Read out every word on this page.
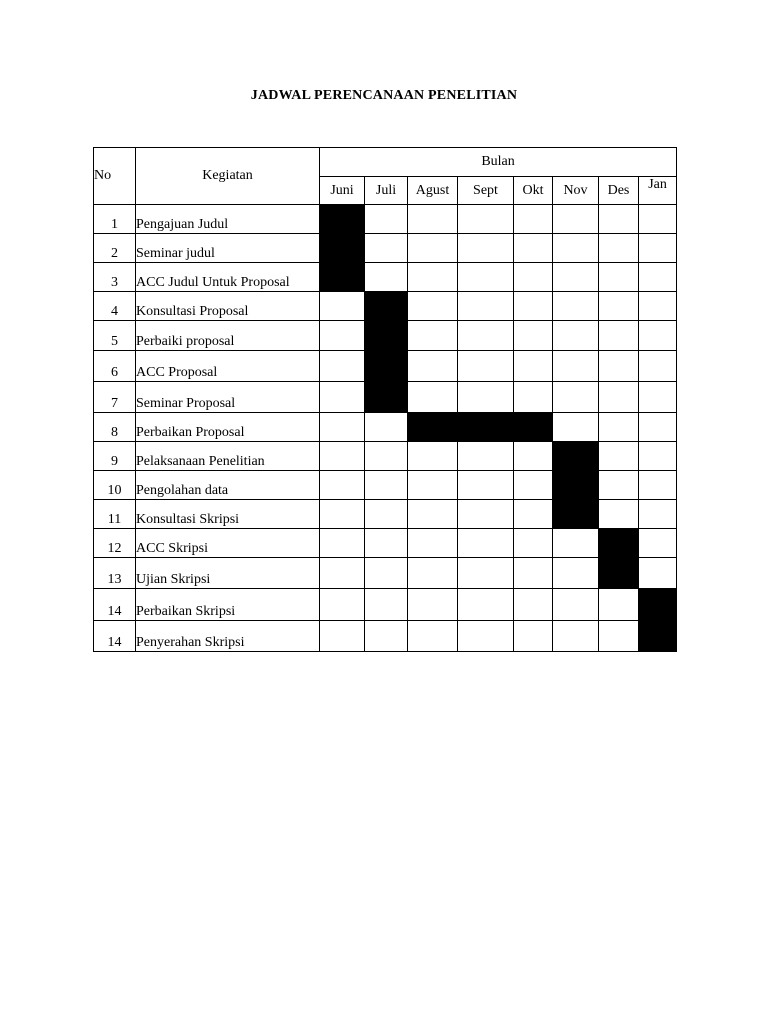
JADWAL PERENCANAAN PENELITIAN
No	Kegiatan	Bulan							
		Juni	Juli	Agust	Sept	Okt	Nov	Des	Jan
1	Pengajuan Judul								
2	Seminar judul								
3	ACC Judul Untuk Proposal								
4	Konsultasi Proposal								
5	Perbaiki proposal								
6	ACC Proposal								
7	Seminar Proposal								
8	Perbaikan Proposal								
9	Pelaksanaan Penelitian								
10	Pengolahan data								
11	Konsultasi Skripsi								
12	ACC Skripsi								
13	Ujian Skripsi								
14	Perbaikan Skripsi								
14	Penyerahan Skripsi								
